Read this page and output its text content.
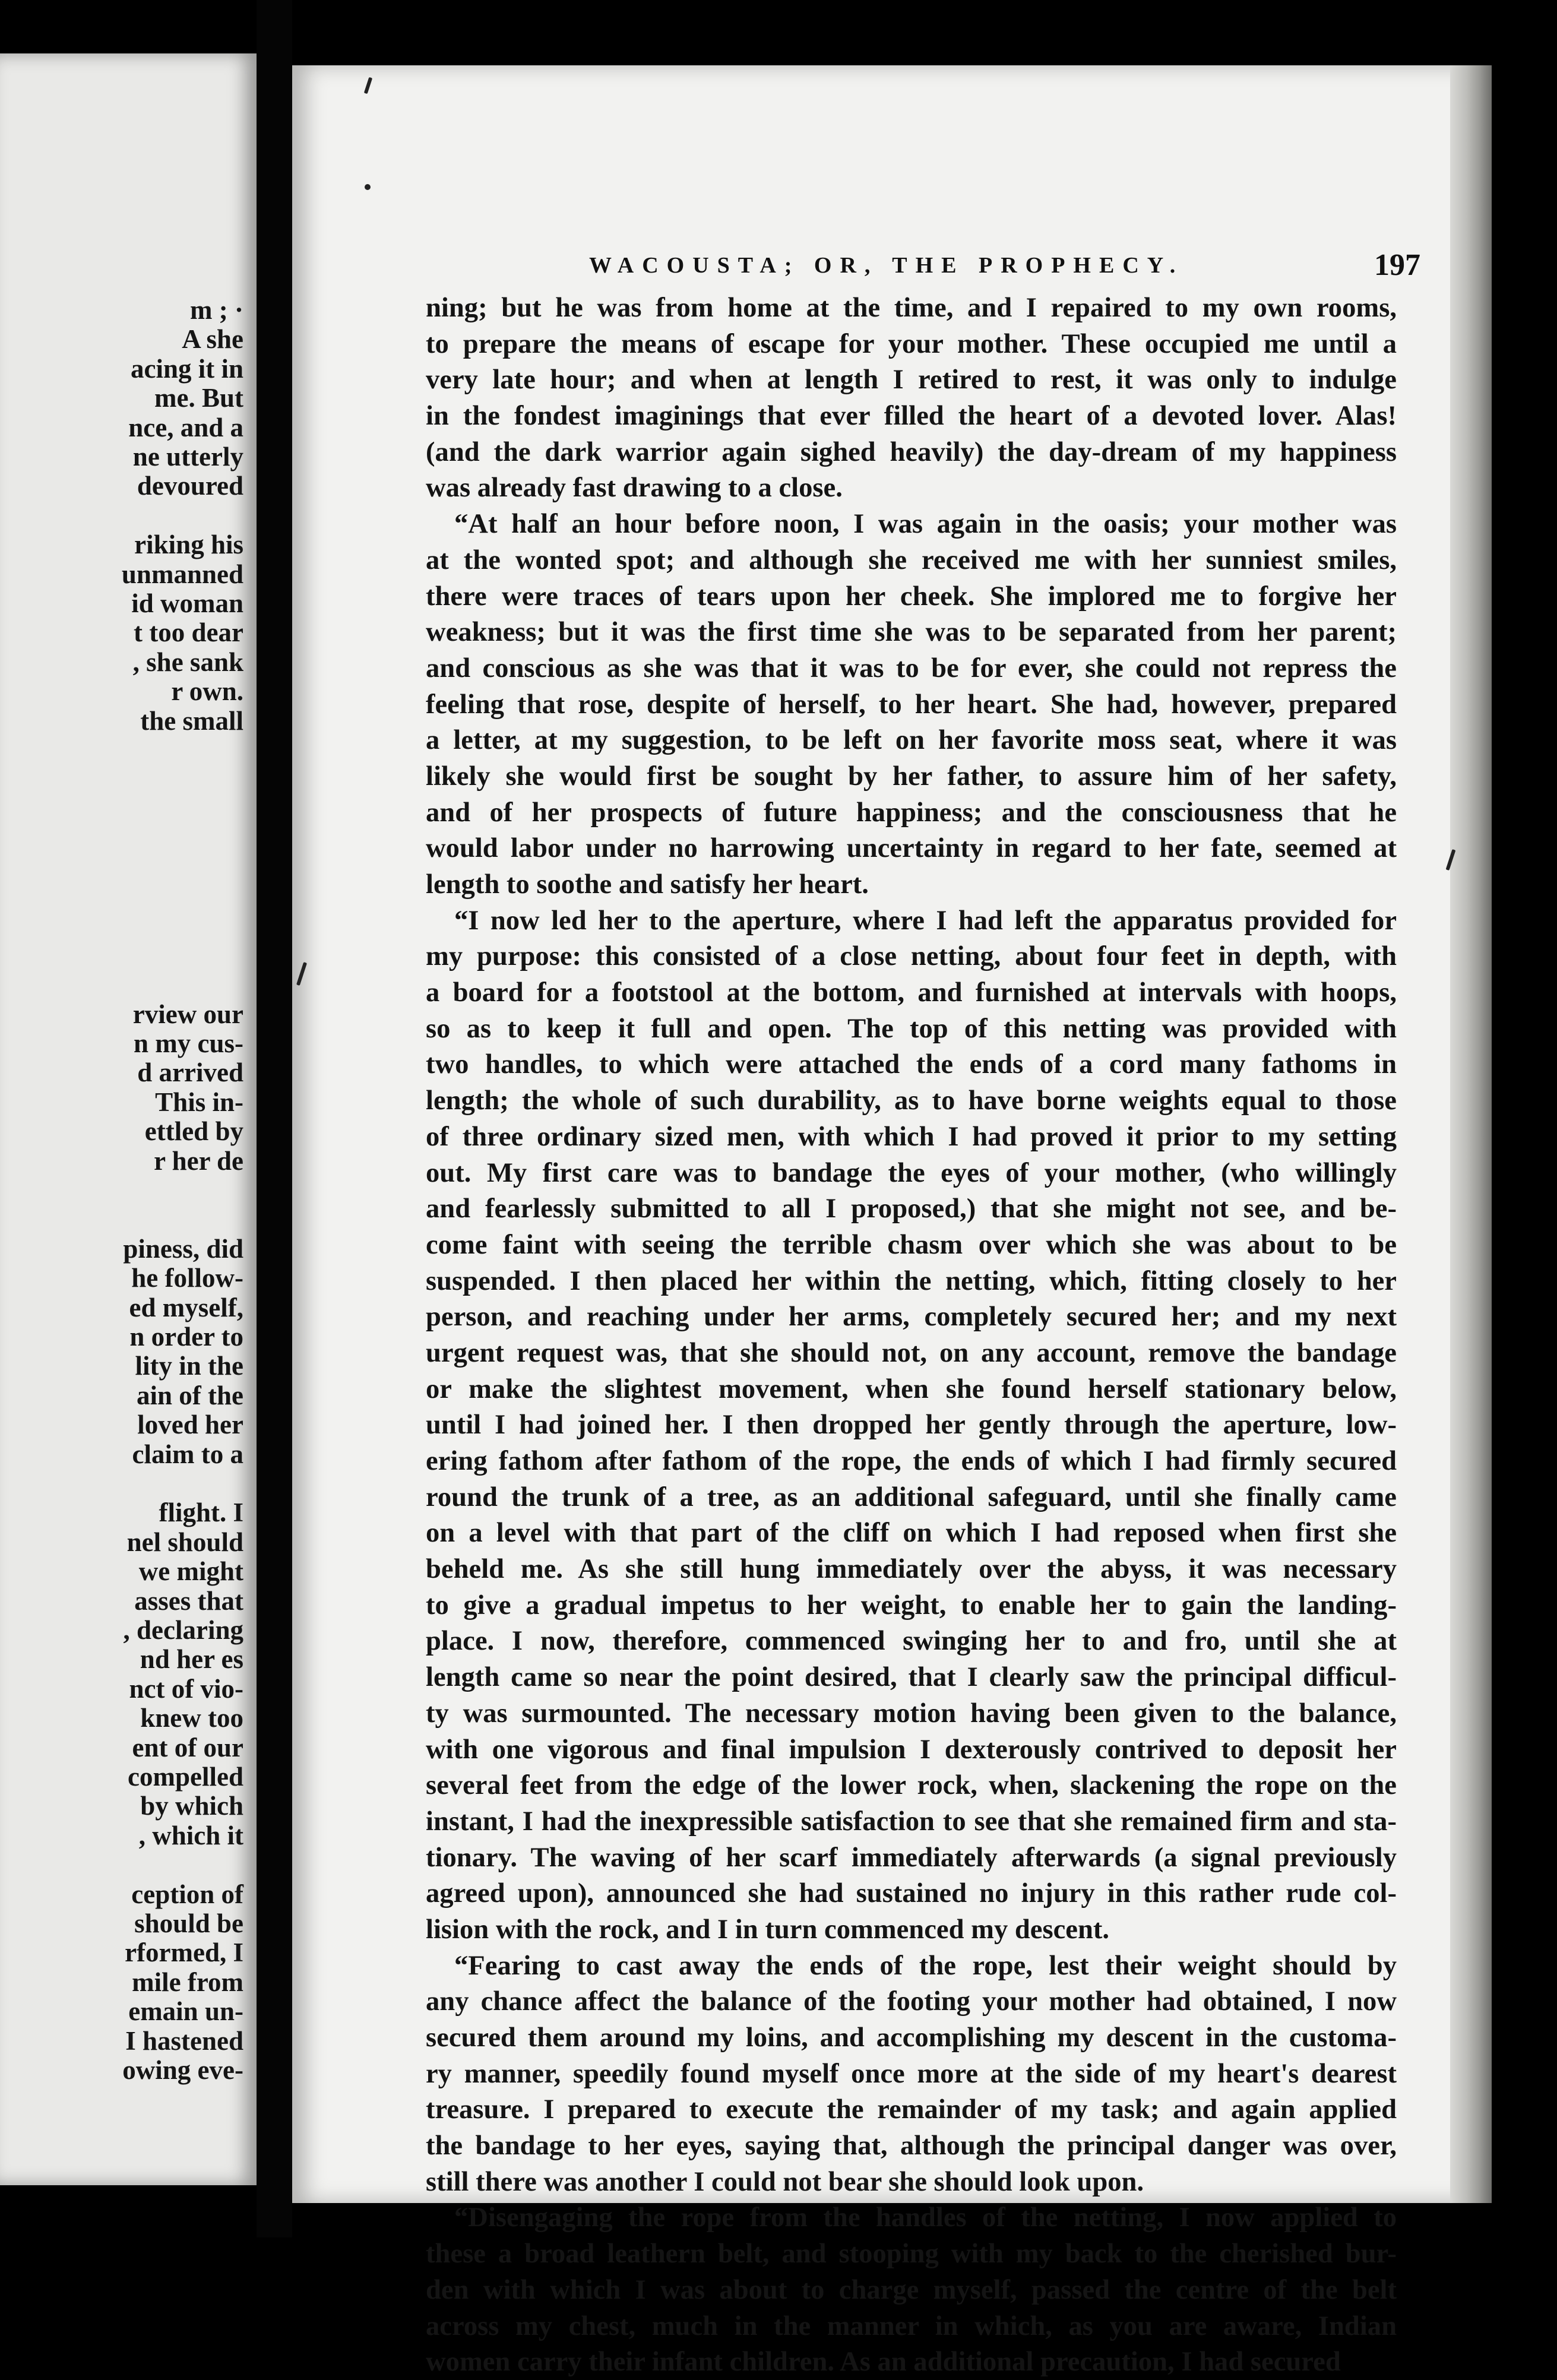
m ; ·
A she
acing it in
me. But
nce, and a
ne utterly
devoured
riking his
unmanned
id woman
t too dear
, she sank
r own.
the small
rview our
n my cus-
d arrived
This in-
ettled by
r her de
piness, did
he follow-
ed myself,
n order to
lity in the
ain of the
loved her
claim to a
flight. I
nel should
we might
asses that
, declaring
nd her es
nct of vio-
knew too
ent of our
compelled
by which
, which it
ception of
should be
rformed, I
mile from
emain un-
I hastened
owing eve-
WACOUSTA; OR, THE PROPHECY.	197
ning; but he was from home at the time, and I repaired to my own rooms,
to prepare the means of escape for your mother. These occupied me until a
very late hour; and when at length I retired to rest, it was only to indulge
in the fondest imaginings that ever filled the heart of a devoted lover. Alas!
(and the dark warrior again sighed heavily) the day-dream of my happiness
was already fast drawing to a close.
“At half an hour before noon, I was again in the oasis; your mother was
at the wonted spot; and although she received me with her sunniest smiles,
there were traces of tears upon her cheek. She implored me to forgive her
weakness; but it was the first time she was to be separated from her parent;
and conscious as she was that it was to be for ever, she could not repress the
feeling that rose, despite of herself, to her heart. She had, however, prepared
a letter, at my suggestion, to be left on her favorite moss seat, where it was
likely she would first be sought by her father, to assure him of her safety,
and of her prospects of future happiness; and the consciousness that he
would labor under no harrowing uncertainty in regard to her fate, seemed at
length to soothe and satisfy her heart.
“I now led her to the aperture, where I had left the apparatus provided for
my purpose: this consisted of a close netting, about four feet in depth, with
a board for a footstool at the bottom, and furnished at intervals with hoops,
so as to keep it full and open. The top of this netting was provided with
two handles, to which were attached the ends of a cord many fathoms in
length; the whole of such durability, as to have borne weights equal to those
of three ordinary sized men, with which I had proved it prior to my setting
out. My first care was to bandage the eyes of your mother, (who willingly
and fearlessly submitted to all I proposed,) that she might not see, and be-
come faint with seeing the terrible chasm over which she was about to be
suspended. I then placed her within the netting, which, fitting closely to her
person, and reaching under her arms, completely secured her; and my next
urgent request was, that she should not, on any account, remove the bandage
or make the slightest movement, when she found herself stationary below,
until I had joined her. I then dropped her gently through the aperture, low-
ering fathom after fathom of the rope, the ends of which I had firmly secured
round the trunk of a tree, as an additional safeguard, until she finally came
on a level with that part of the cliff on which I had reposed when first she
beheld me. As she still hung immediately over the abyss, it was necessary
to give a gradual impetus to her weight, to enable her to gain the landing-
place. I now, therefore, commenced swinging her to and fro, until she at
length came so near the point desired, that I clearly saw the principal difficul-
ty was surmounted. The necessary motion having been given to the balance,
with one vigorous and final impulsion I dexterously contrived to deposit her
several feet from the edge of the lower rock, when, slackening the rope on the
instant, I had the inexpressible satisfaction to see that she remained firm and sta-
tionary. The waving of her scarf immediately afterwards (a signal previously
agreed upon), announced she had sustained no injury in this rather rude col-
lision with the rock, and I in turn commenced my descent.
“Fearing to cast away the ends of the rope, lest their weight should by
any chance affect the balance of the footing your mother had obtained, I now
secured them around my loins, and accomplishing my descent in the customa-
ry manner, speedily found myself once more at the side of my heart's dearest
treasure. I prepared to execute the remainder of my task; and again applied
the bandage to her eyes, saying that, although the principal danger was over,
still there was another I could not bear she should look upon.
“Disengaging the rope from the handles of the netting, I now applied to
these a broad leathern belt, and stooping with my back to the cherished bur-
den with which I was about to charge myself, passed the centre of the belt
across my chest, much in the manner in which, as you are aware, Indian
women carry their infant children. As an additional precaution, I had secured
